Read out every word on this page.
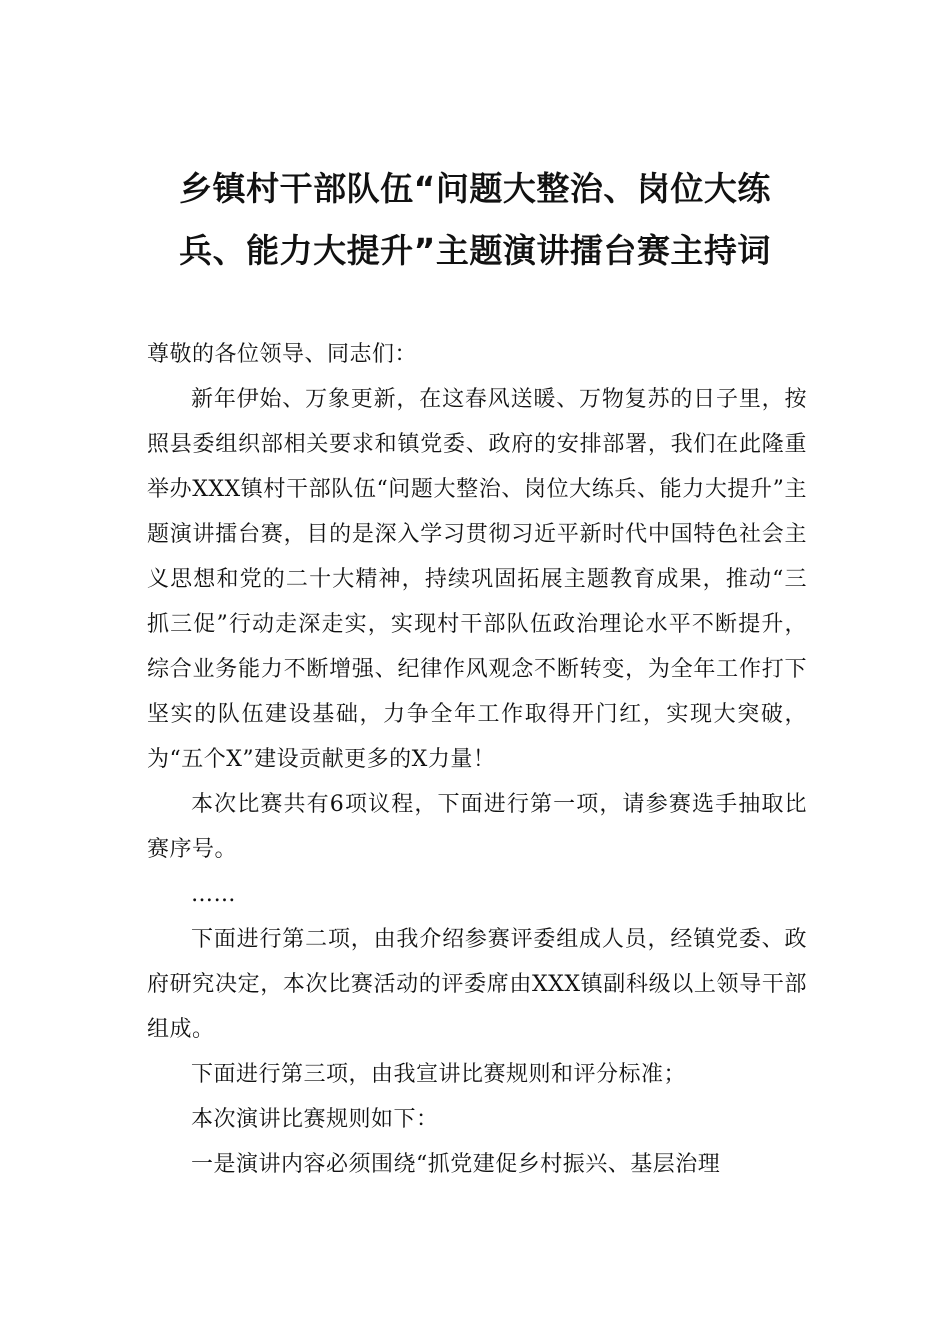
乡镇村干部队伍“问题大整治、岗位大练
兵、能力大提升”主题演讲擂台赛主持词

尊敬的各位领导、同志们：

新年伊始、万象更新，在这春风送暖、万物复苏的日子里，按照县委组织部相关要求和镇党委、政府的安排部署，我们在此隆重举办XXX镇村干部队伍“问题大整治、岗位大练兵、能力大提升”主题演讲擂台赛，目的是深入学习贯彻习近平新时代中国特色社会主义思想和党的二十大精神，持续巩固拓展主题教育成果，推动“三抓三促”行动走深走实，实现村干部队伍政治理论水平不断提升，综合业务能力不断增强、纪律作风观念不断转变，为全年工作打下坚实的队伍建设基础，力争全年工作取得开门红，实现大突破，为“五个X”建设贡献更多的X力量！

本次比赛共有6项议程，下面进行第一项，请参赛选手抽取比赛序号。

……

下面进行第二项，由我介绍参赛评委组成人员，经镇党委、政府研究决定，本次比赛活动的评委席由XXX镇副科级以上领导干部组成。

下面进行第三项，由我宣讲比赛规则和评分标准；

本次演讲比赛规则如下：

一是演讲内容必须围绕“抓党建促乡村振兴、基层治理
